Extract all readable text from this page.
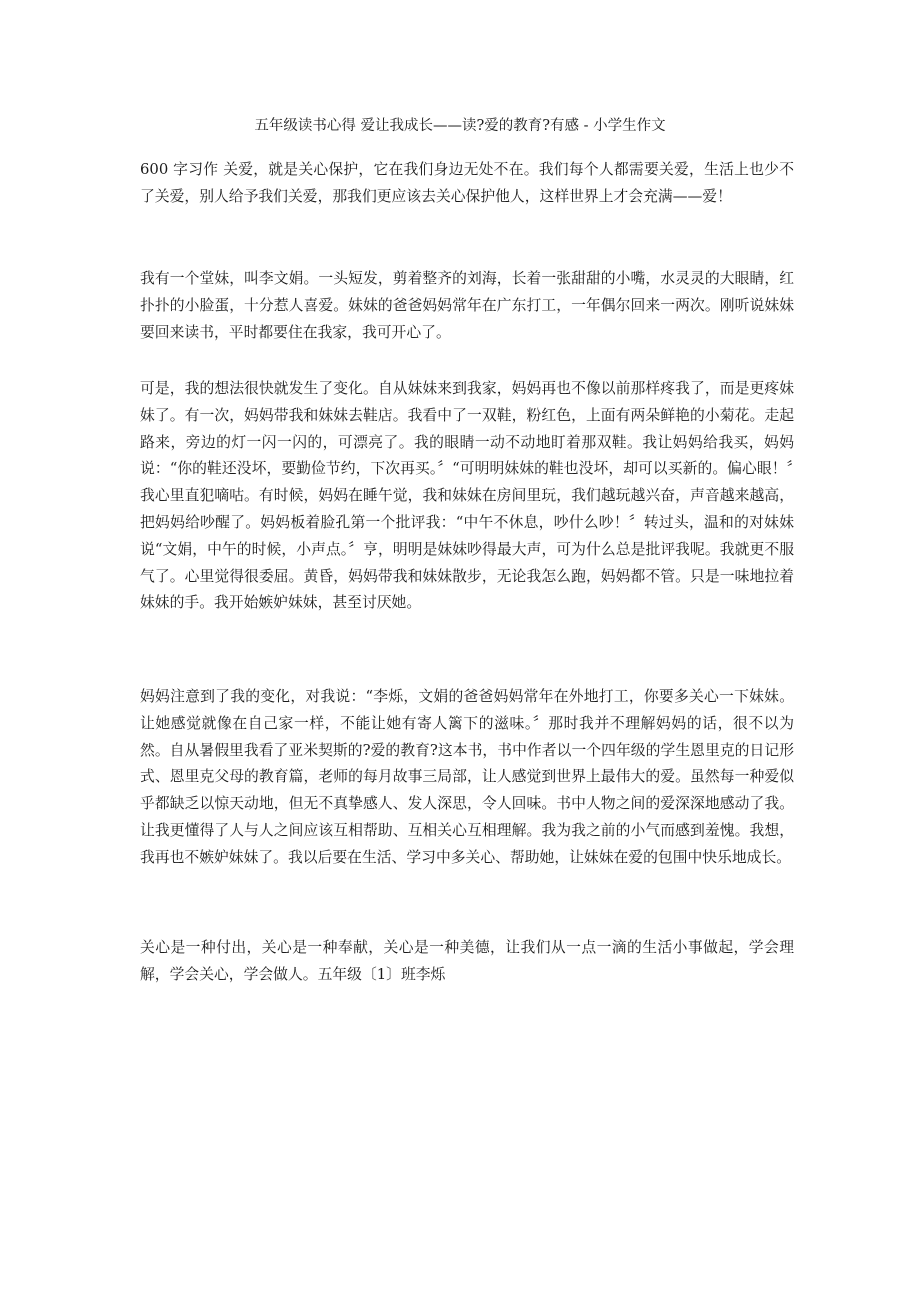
五年级读书心得 爱让我成长——读?爱的教育?有感 - 小学生作文

600 字习作 关爱，就是关心保护，它在我们身边无处不在。我们每个人都需要关爱，生活上也少不了关爱，别人给予我们关爱，那我们更应该去关心保护他人，这样世界上才会充满——爱！

我有一个堂妹，叫李文娟。一头短发，剪着整齐的刘海，长着一张甜甜的小嘴，水灵灵的大眼睛，红扑扑的小脸蛋，十分惹人喜爱。妹妹的爸爸妈妈常年在广东打工，一年偶尔回来一两次。刚听说妹妹要回来读书，平时都要住在我家，我可开心了。

可是，我的想法很快就发生了变化。自从妹妹来到我家，妈妈再也不像以前那样疼我了，而是更疼妹妹了。有一次，妈妈带我和妹妹去鞋店。我看中了一双鞋，粉红色，上面有两朵鲜艳的小菊花。走起路来，旁边的灯一闪一闪的，可漂亮了。我的眼睛一动不动地盯着那双鞋。我让妈妈给我买，妈妈说：“你的鞋还没坏，要勤俭节约，下次再买。〞“可明明妹妹的鞋也没坏，却可以买新的。偏心眼！〞我心里直犯嘀咕。有时候，妈妈在睡午觉，我和妹妹在房间里玩，我们越玩越兴奋，声音越来越高，把妈妈给吵醒了。妈妈板着脸孔第一个批评我：“中午不休息，吵什么吵！〞转过头，温和的对妹妹说“文娟，中午的时候，小声点。〞亨，明明是妹妹吵得最大声，可为什么总是批评我呢。我就更不服气了。心里觉得很委屈。黄昏，妈妈带我和妹妹散步，无论我怎么跑，妈妈都不管。只是一味地拉着妹妹的手。我开始嫉妒妹妹，甚至讨厌她。

妈妈注意到了我的变化，对我说：“李烁，文娟的爸爸妈妈常年在外地打工，你要多关心一下妹妹。让她感觉就像在自己家一样，不能让她有寄人篱下的滋味。〞那时我并不理解妈妈的话，很不以为然。自从暑假里我看了亚米契斯的?爱的教育?这本书，书中作者以一个四年级的学生恩里克的日记形式、恩里克父母的教育篇，老师的每月故事三局部，让人感觉到世界上最伟大的爱。虽然每一种爱似乎都缺乏以惊天动地，但无不真挚感人、发人深思，令人回味。书中人物之间的爱深深地感动了我。让我更懂得了人与人之间应该互相帮助、互相关心互相理解。我为我之前的小气而感到羞愧。我想，我再也不嫉妒妹妹了。我以后要在生活、学习中多关心、帮助她，让妹妹在爱的包围中快乐地成长。

关心是一种付出，关心是一种奉献，关心是一种美德，让我们从一点一滴的生活小事做起，学会理解，学会关心，学会做人。五年级〔1〕班李烁
